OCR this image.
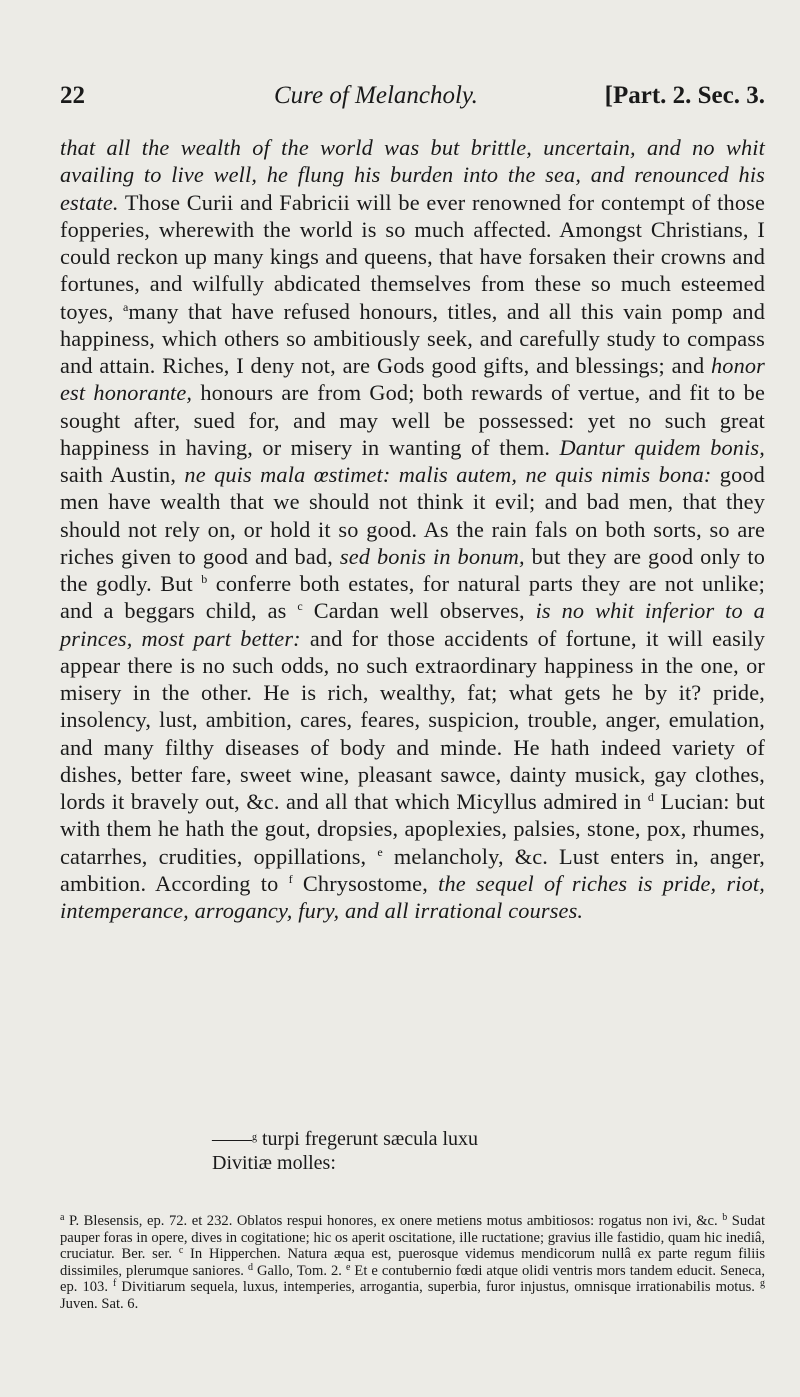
22	Cure of Melancholy.	[Part. 2. Sec. 3.

that all the wealth of the world was but brittle, uncertain, and no whit availing to live well, he flung his burden into the sea, and renounced his estate. Those Curii and Fabricii will be ever renowned for contempt of those fopperies, wherewith the world is so much affected. Amongst Christians, I could reckon up many kings and queens, that have forsaken their crowns and fortunes, and wilfully abdicated themselves from these so much esteemed toyes, $^a$many that have refused honours, titles, and all this vain pomp and happiness, which others so ambitiously seek, and carefully study to compass and attain. Riches, I deny not, are Gods good gifts, and blessings; and honor est honorante, honours are from God; both rewards of vertue, and fit to be sought after, sued for, and may well be possessed: yet no such great happiness in having, or misery in wanting of them. Dantur quidem bonis, saith Austin, ne quis mala œstimet: malis autem, ne quis nimis bona: good men have wealth that we should not think it evil; and bad men, that they should not rely on, or hold it so good. As the rain fals on both sorts, so are riches given to good and bad, sed bonis in bonum, but they are good only to the godly. But $^b$ conferre both estates, for natural parts they are not unlike; and a beggars child, as $^c$ Cardan well observes, is no whit inferior to a princes, most part better: and for those accidents of fortune, it will easily appear there is no such odds, no such extraordinary happiness in the one, or misery in the other. He is rich, wealthy, fat; what gets he by it? pride, insolency, lust, ambition, cares, feares, suspicion, trouble, anger, emulation, and many filthy diseases of body and minde. He hath indeed variety of dishes, better fare, sweet wine, pleasant sawce, dainty musick, gay clothes, lords it bravely out, &c. and all that which Micyllus admired in $^d$ Lucian: but with them he hath the gout, dropsies, apoplexies, palsies, stone, pox, rhumes, catarrhes, crudities, oppillations, $^e$ melancholy, &c. Lust enters in, anger, ambition. According to $^f$ Chrysostome, the sequel of riches is pride, riot, intemperance, arrogancy, fury, and all irrational courses.

——$^g$ turpi fregerunt sæcula luxu
Divitiæ molles:

$^a$ P. Blesensis, ep. 72. et 232. Oblatos respui honores, ex onere metiens motus ambitiosos: rogatus non ivi, &c. $^b$ Sudat pauper foras in opere, dives in cogitatione; hic os aperit oscitatione, ille ructatione; gravius ille fastidio, quam hic inediâ, cruciatur. Ber. ser. $^c$ In Hipperchen. Natura æqua est, puerosque videmus mendicorum nullâ ex parte regum filiis dissimiles, plerumque saniores. $^d$ Gallo, Tom. 2. $^e$ Et e contubernio fœdi atque olidi ventris mors tandem educit. Seneca, ep. 103. $^f$ Divitiarum sequela, luxus, intemperies, arrogantia, superbia, furor injustus, omnisque irrationabilis motus. $^g$ Juven. Sat. 6.
